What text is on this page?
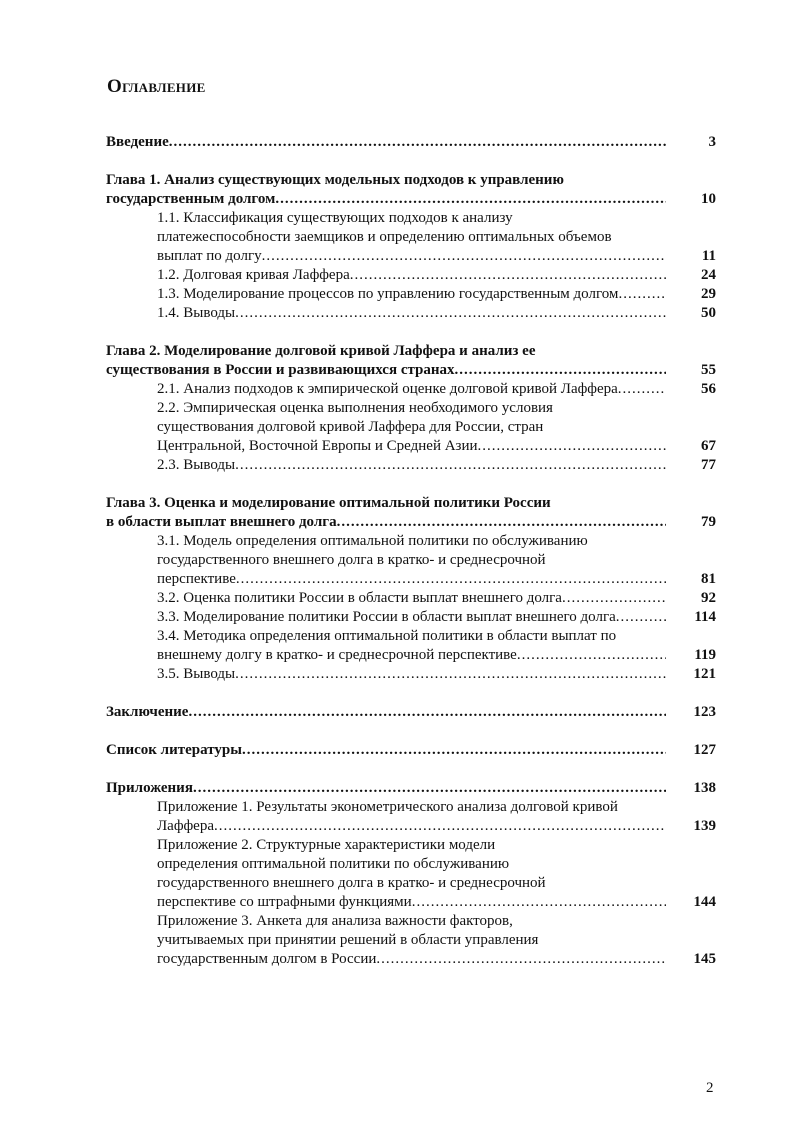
Оглавление
Введение .....	3
Глава 1. Анализ существующих модельных подходов к управлению
государственным долгом .....	10
1.1. Классификация существующих подходов к анализу
платежеспособности заемщиков и определению оптимальных объемов
выплат по долгу .....	11
1.2. Долговая кривая Лаффера .....	24
1.3. Моделирование процессов по управлению государственным долгом .....	29
1.4. Выводы .....	50
Глава 2. Моделирование долговой кривой Лаффера и анализ ее
существования в России и развивающихся странах .....	55
2.1. Анализ подходов к эмпирической оценке долговой кривой Лаффера .....	56
2.2. Эмпирическая оценка выполнения необходимого условия
существования долговой кривой Лаффера для России, стран
Центральной, Восточной Европы и Средней Азии .....	67
2.3. Выводы .....	77
Глава 3. Оценка и моделирование оптимальной политики России
в области выплат внешнего долга .....	79
3.1. Модель определения оптимальной политики по обслуживанию
государственного внешнего долга в кратко- и среднесрочной
перспективе .....	81
3.2. Оценка политики России в области выплат внешнего долга .....	92
3.3. Моделирование политики России в области выплат внешнего долга .....	114
3.4. Методика определения оптимальной политики в области выплат по
внешнему долгу в кратко- и среднесрочной перспективе .....	119
3.5. Выводы .....	121
Заключение .....	123
Список литературы .....	127
Приложения .....	138
Приложение 1. Результаты эконометрического анализа долговой кривой
Лаффера .....	139
Приложение 2. Структурные характеристики модели
определения оптимальной политики по обслуживанию
государственного внешнего долга в кратко- и среднесрочной
перспективе со штрафными функциями .....	144
Приложение 3. Анкета для анализа важности факторов,
учитываемых при принятии решений в области управления
государственным долгом в России .....	145
2
